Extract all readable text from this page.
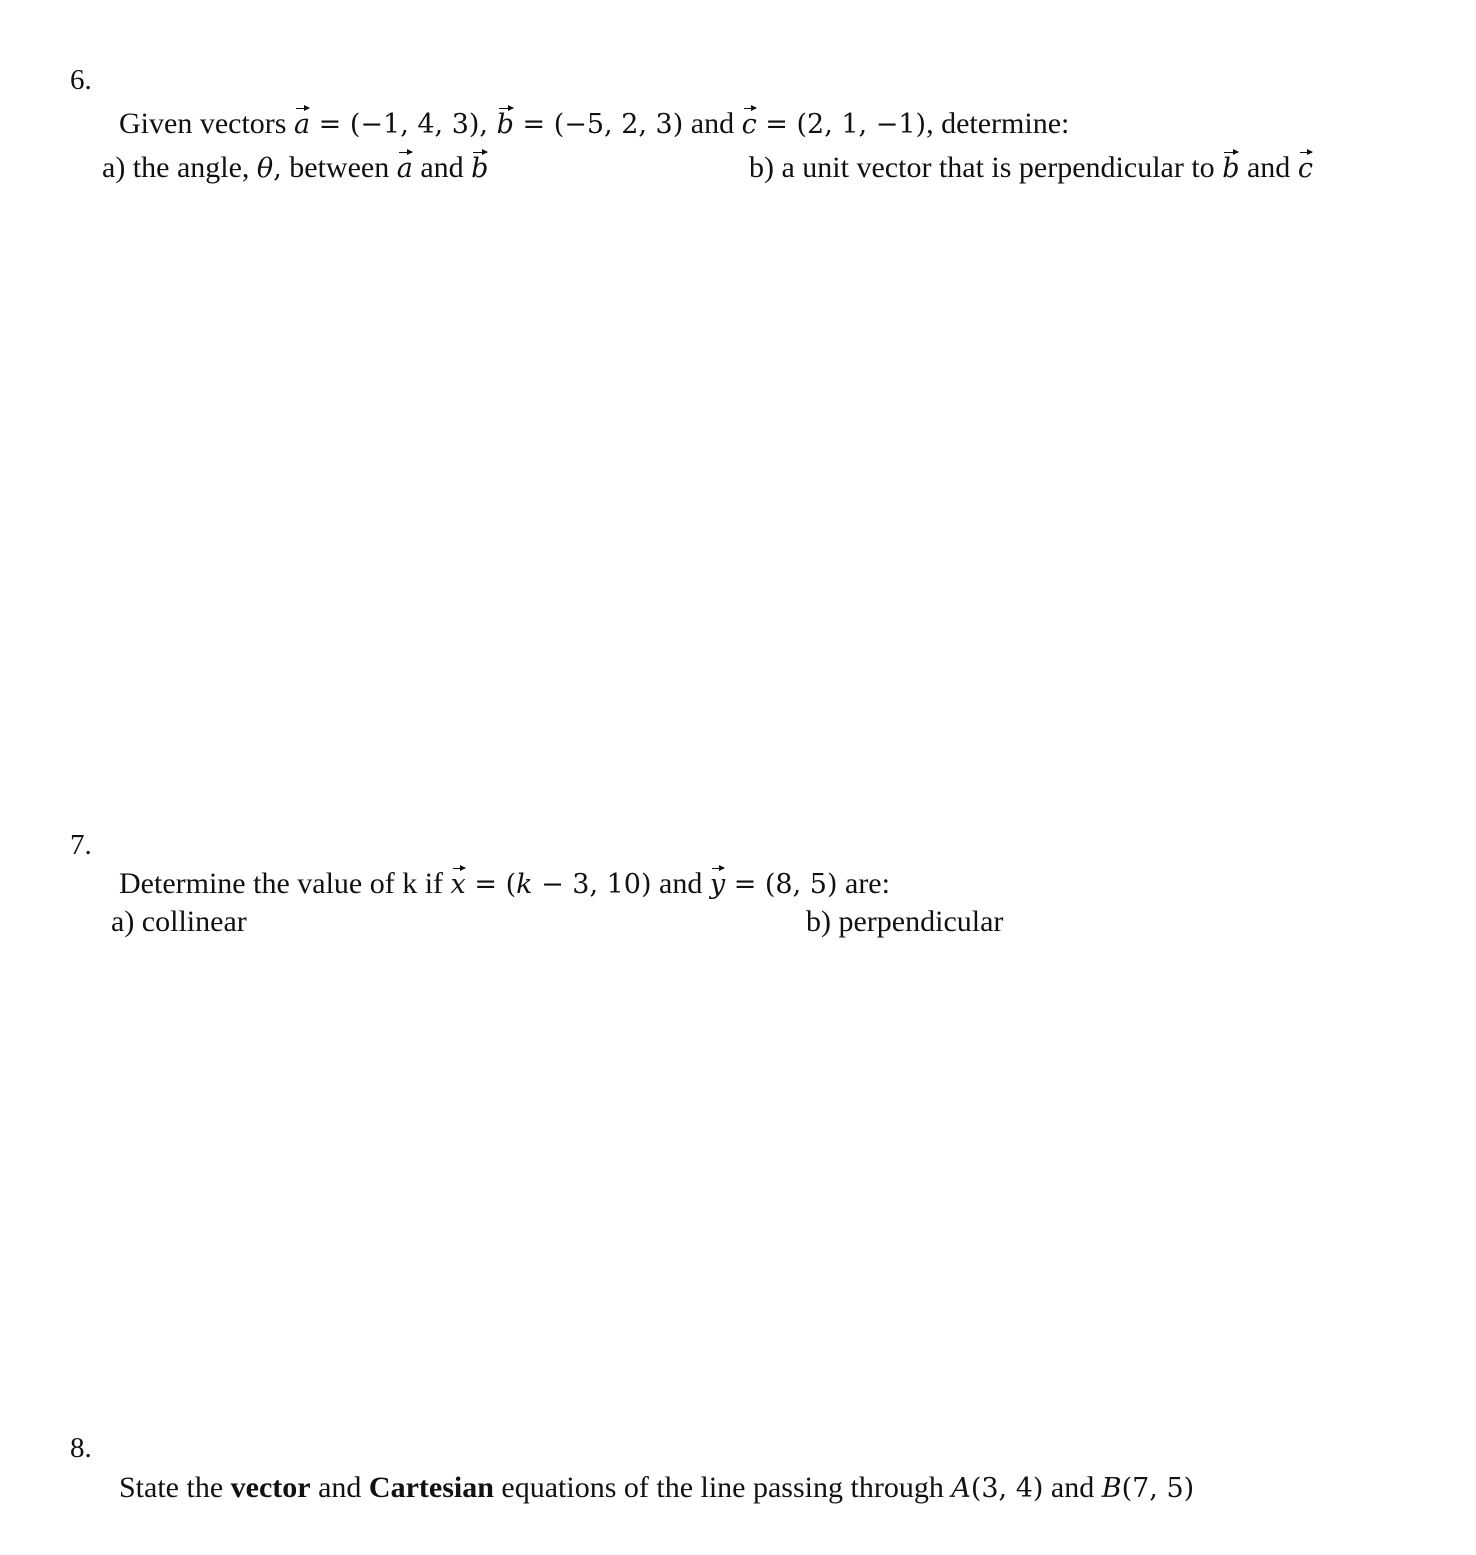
6.
Given vectors a = (−1, 4, 3), b = (−5, 2, 3) and c = (2, 1, −1), determine:
a) the angle, θ, between a and b	b) a unit vector that is perpendicular to b and c
7.
Determine the value of k if x = (k − 3, 10) and y = (8, 5) are:
a) collinear	b) perpendicular
8.
State the vector and Cartesian equations of the line passing through A(3, 4) and B(7, 5)
